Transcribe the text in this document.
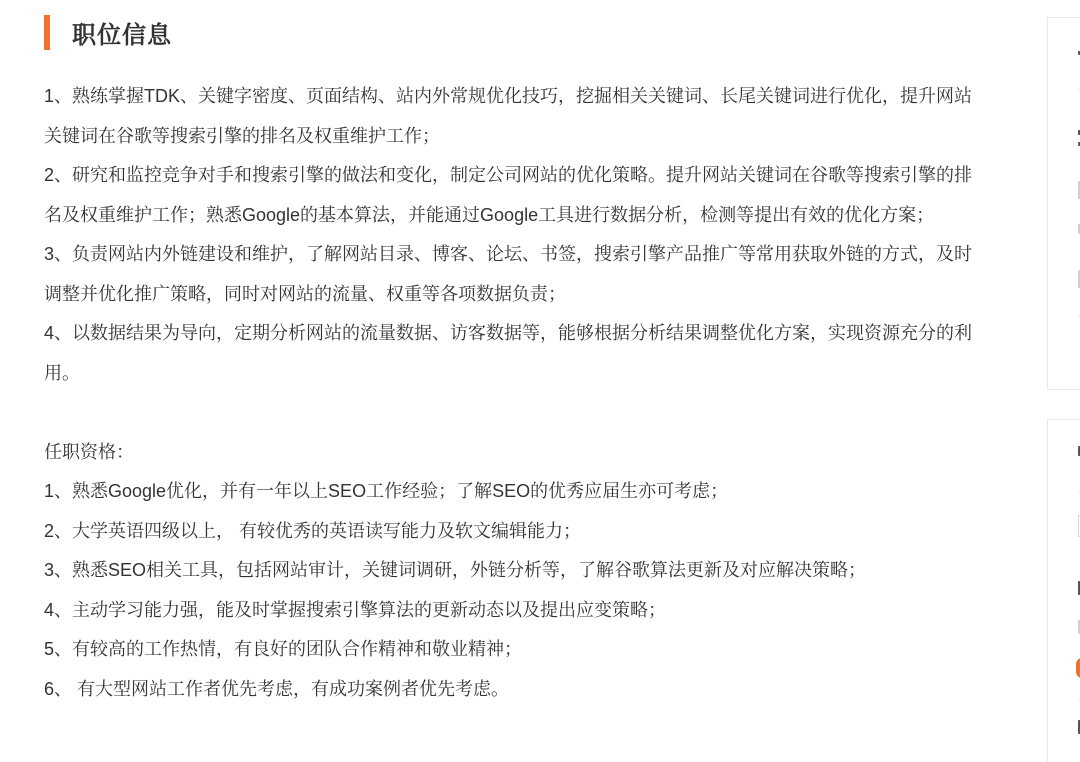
职位信息

1、熟练掌握TDK、关键字密度、页面结构、站内外常规优化技巧，挖掘相关关键词、长尾关键词进行优化，提升网站关键词在谷歌等搜索引擎的排名及权重维护工作；

2、研究和监控竞争对手和搜索引擎的做法和变化，制定公司网站的优化策略。提升网站关键词在谷歌等搜索引擎的排名及权重维护工作；熟悉Google的基本算法，并能通过Google工具进行数据分析，检测等提出有效的优化方案；

3、负责网站内外链建设和维护，了解网站目录、博客、论坛、书签，搜索引擎产品推广等常用获取外链的方式，及时调整并优化推广策略，同时对网站的流量、权重等各项数据负责；

4、以数据结果为导向，定期分析网站的流量数据、访客数据等，能够根据分析结果调整优化方案，实现资源充分的利用。

任职资格：

1、熟悉Google优化，并有一年以上SEO工作经验；了解SEO的优秀应届生亦可考虑；

2、大学英语四级以上， 有较优秀的英语读写能力及软文编辑能力；

3、熟悉SEO相关工具，包括网站审计，关键词调研，外链分析等，了解谷歌算法更新及对应解决策略；

4、主动学习能力强，能及时掌握搜索引擎算法的更新动态以及提出应变策略；

5、有较高的工作热情，有良好的团队合作精神和敬业精神；

6、 有大型网站工作者优先考虑，有成功案例者优先考虑。
